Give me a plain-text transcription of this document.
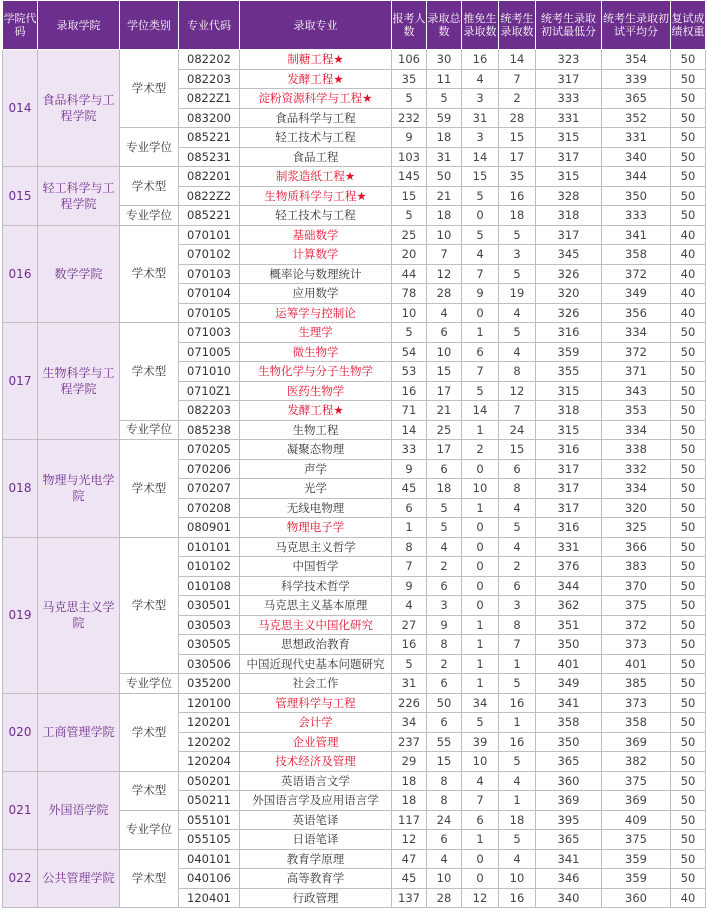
学院代码	录取学院	学位类别	专业代码	录取专业	报考人数	录取总数	推免生录取数	统考生录取数	统考生录取初试最低分	统考生录取初试平均分	复试成绩权重
014	食品科学与工程学院	学术型	082202	制糖工程★	106	30	16	14	323	354	50
			082203	发酵工程★	35	11	4	7	317	339	50
			0822Z1	淀粉资源科学与工程★	5	5	3	2	333	365	50
			083200	食品科学与工程	232	59	31	28	331	352	50
		专业学位	085221	轻工技术与工程	9	18	3	15	315	331	50
			085231	食品工程	103	31	14	17	317	340	50
015	轻工科学与工程学院	学术型	082201	制浆造纸工程★	145	50	15	35	315	344	50
			0822Z2	生物质科学与工程★	15	21	5	16	328	350	50
		专业学位	085221	轻工技术与工程	5	18	0	18	318	333	50
016	数学学院	学术型	070101	基础数学	25	10	5	5	317	341	40
			070102	计算数学	20	7	4	3	345	358	40
			070103	概率论与数理统计	44	12	7	5	326	372	40
			070104	应用数学	78	28	9	19	320	349	40
			070105	运筹学与控制论	10	4	0	4	326	356	40
017	生物科学与工程学院	学术型	071003	生理学	5	6	1	5	316	334	50
			071005	微生物学	54	10	6	4	359	372	50
			071010	生物化学与分子生物学	53	15	7	8	355	371	50
			0710Z1	医药生物学	16	17	5	12	315	343	50
			082203	发酵工程★	71	21	14	7	318	353	50
		专业学位	085238	生物工程	14	25	1	24	315	334	50
018	物理与光电学院	学术型	070205	凝聚态物理	33	17	2	15	316	338	50
			070206	声学	9	6	0	6	317	332	50
			070207	光学	45	18	10	8	317	334	50
			070208	无线电物理	6	5	1	4	317	320	50
			080901	物理电子学	1	5	0	5	316	325	50
019	马克思主义学院	学术型	010101	马克思主义哲学	8	4	0	4	331	366	50
			010102	中国哲学	7	2	0	2	376	383	50
			010108	科学技术哲学	9	6	0	6	344	370	50
			030501	马克思主义基本原理	4	3	0	3	362	375	50
			030503	马克思主义中国化研究	27	9	1	8	351	372	50
			030505	思想政治教育	16	8	1	7	350	373	50
			030506	中国近现代史基本问题研究	5	2	1	1	401	401	50
		专业学位	035200	社会工作	31	6	1	5	349	385	50
020	工商管理学院	学术型	120100	管理科学与工程	226	50	34	16	341	373	50
			120201	会计学	34	6	5	1	358	358	50
			120202	企业管理	237	55	39	16	350	369	50
			120204	技术经济及管理	29	15	10	5	365	382	50
021	外国语学院	学术型	050201	英语语言文学	18	8	4	4	360	375	50
			050211	外国语言学及应用语言学	18	8	7	1	369	369	50
		专业学位	055101	英语笔译	117	24	6	18	395	409	50
			055105	日语笔译	12	6	1	5	365	375	50
022	公共管理学院	学术型	040101	教育学原理	47	4	0	4	341	359	50
			040106	高等教育学	45	10	0	10	346	359	50
			120401	行政管理	137	28	12	16	340	360	40
